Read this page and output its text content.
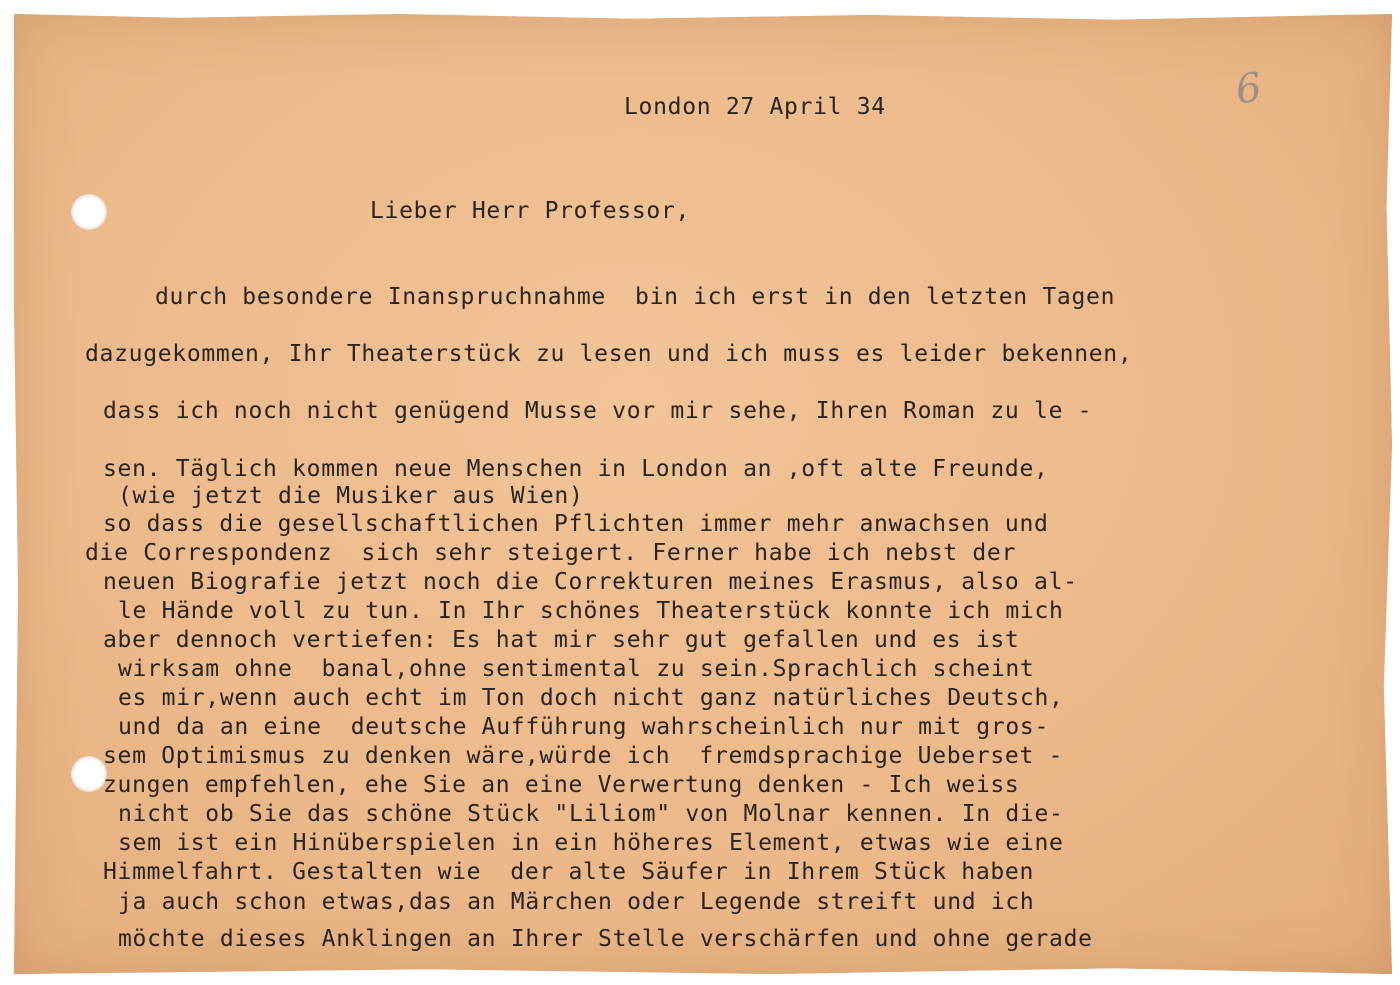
6
London 27 April 34
Lieber Herr Professor,
durch besondere Inanspruchnahme  bin ich erst in den letzten Tagen
dazugekommen, Ihr Theaterstück zu lesen und ich muss es leider bekennen,
dass ich noch nicht genügend Musse vor mir sehe, Ihren Roman zu le -
sen. Täglich kommen neue Menschen in London an ,oft alte Freunde,
(wie jetzt die Musiker aus Wien)
so dass die gesellschaftlichen Pflichten immer mehr anwachsen und
die Correspondenz  sich sehr steigert. Ferner habe ich nebst der
neuen Biografie jetzt noch die Correkturen meines Erasmus, also al-
le Hände voll zu tun. In Ihr schönes Theaterstück konnte ich mich
aber dennoch vertiefen: Es hat mir sehr gut gefallen und es ist
wirksam ohne  banal,ohne sentimental zu sein.Sprachlich scheint
es mir,wenn auch echt im Ton doch nicht ganz natürliches Deutsch,
und da an eine  deutsche Aufführung wahrscheinlich nur mit gros-
sem Optimismus zu denken wäre,würde ich  fremdsprachige Ueberset -
zungen empfehlen, ehe Sie an eine Verwertung denken - Ich weiss
nicht ob Sie das schöne Stück "Liliom" von Molnar kennen. In die-
sem ist ein Hinüberspielen in ein höheres Element, etwas wie eine
Himmelfahrt. Gestalten wie  der alte Säufer in Ihrem Stück haben
ja auch schon etwas,das an Märchen oder Legende streift und ich
möchte dieses Anklingen an Ihrer Stelle verschärfen und ohne gerade
